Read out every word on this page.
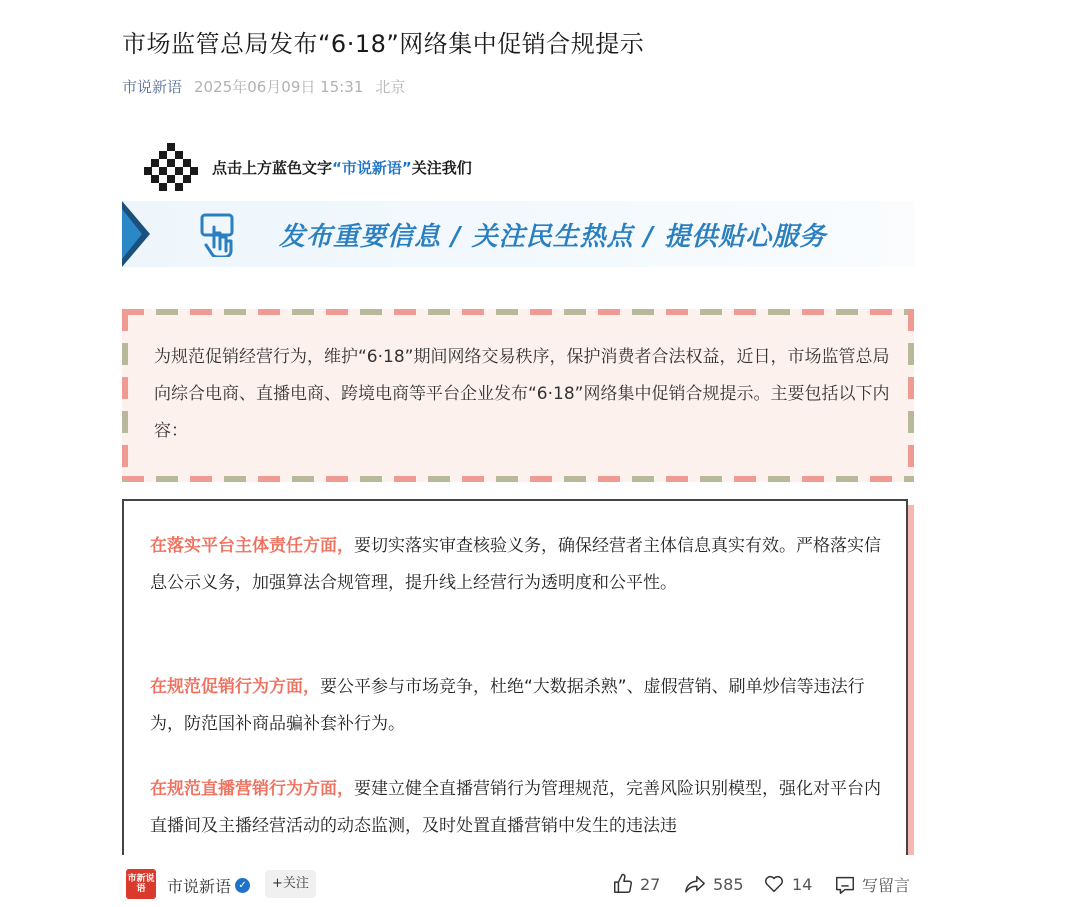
市场监管总局发布“6·18”网络集中促销合规提示
市说新语 2025年06月09日 15:31 北京
点击上方蓝色文字“市说新语”关注我们
发布重要信息 / 关注民生热点 / 提供贴心服务

为规范促销经营行为，维护“6·18”期间网络交易秩序，保护消费者合法权益，近日，市场监管总局向综合电商、直播电商、跨境电商等平台企业发布“6·18”网络集中促销合规提示。主要包括以下内容：

在落实平台主体责任方面，要切实落实审查核验义务，确保经营者主体信息真实有效。严格落实信息公示义务，加强算法合规管理，提升线上经营行为透明度和公平性。
在规范促销行为方面，要公平参与市场竞争，杜绝“大数据杀熟”、虚假营销、刷单炒信等违法行为，防范国补商品骗补套补行为。
在规范直播营销行为方面，要建立健全直播营销行为管理规范，完善风险识别模型，强化对平台内直播间及主播经营活动的动态监测，及时处置直播营销中发生的违法违
市新说语	市说新语 ✓	+关注	27	585	14	写留言
